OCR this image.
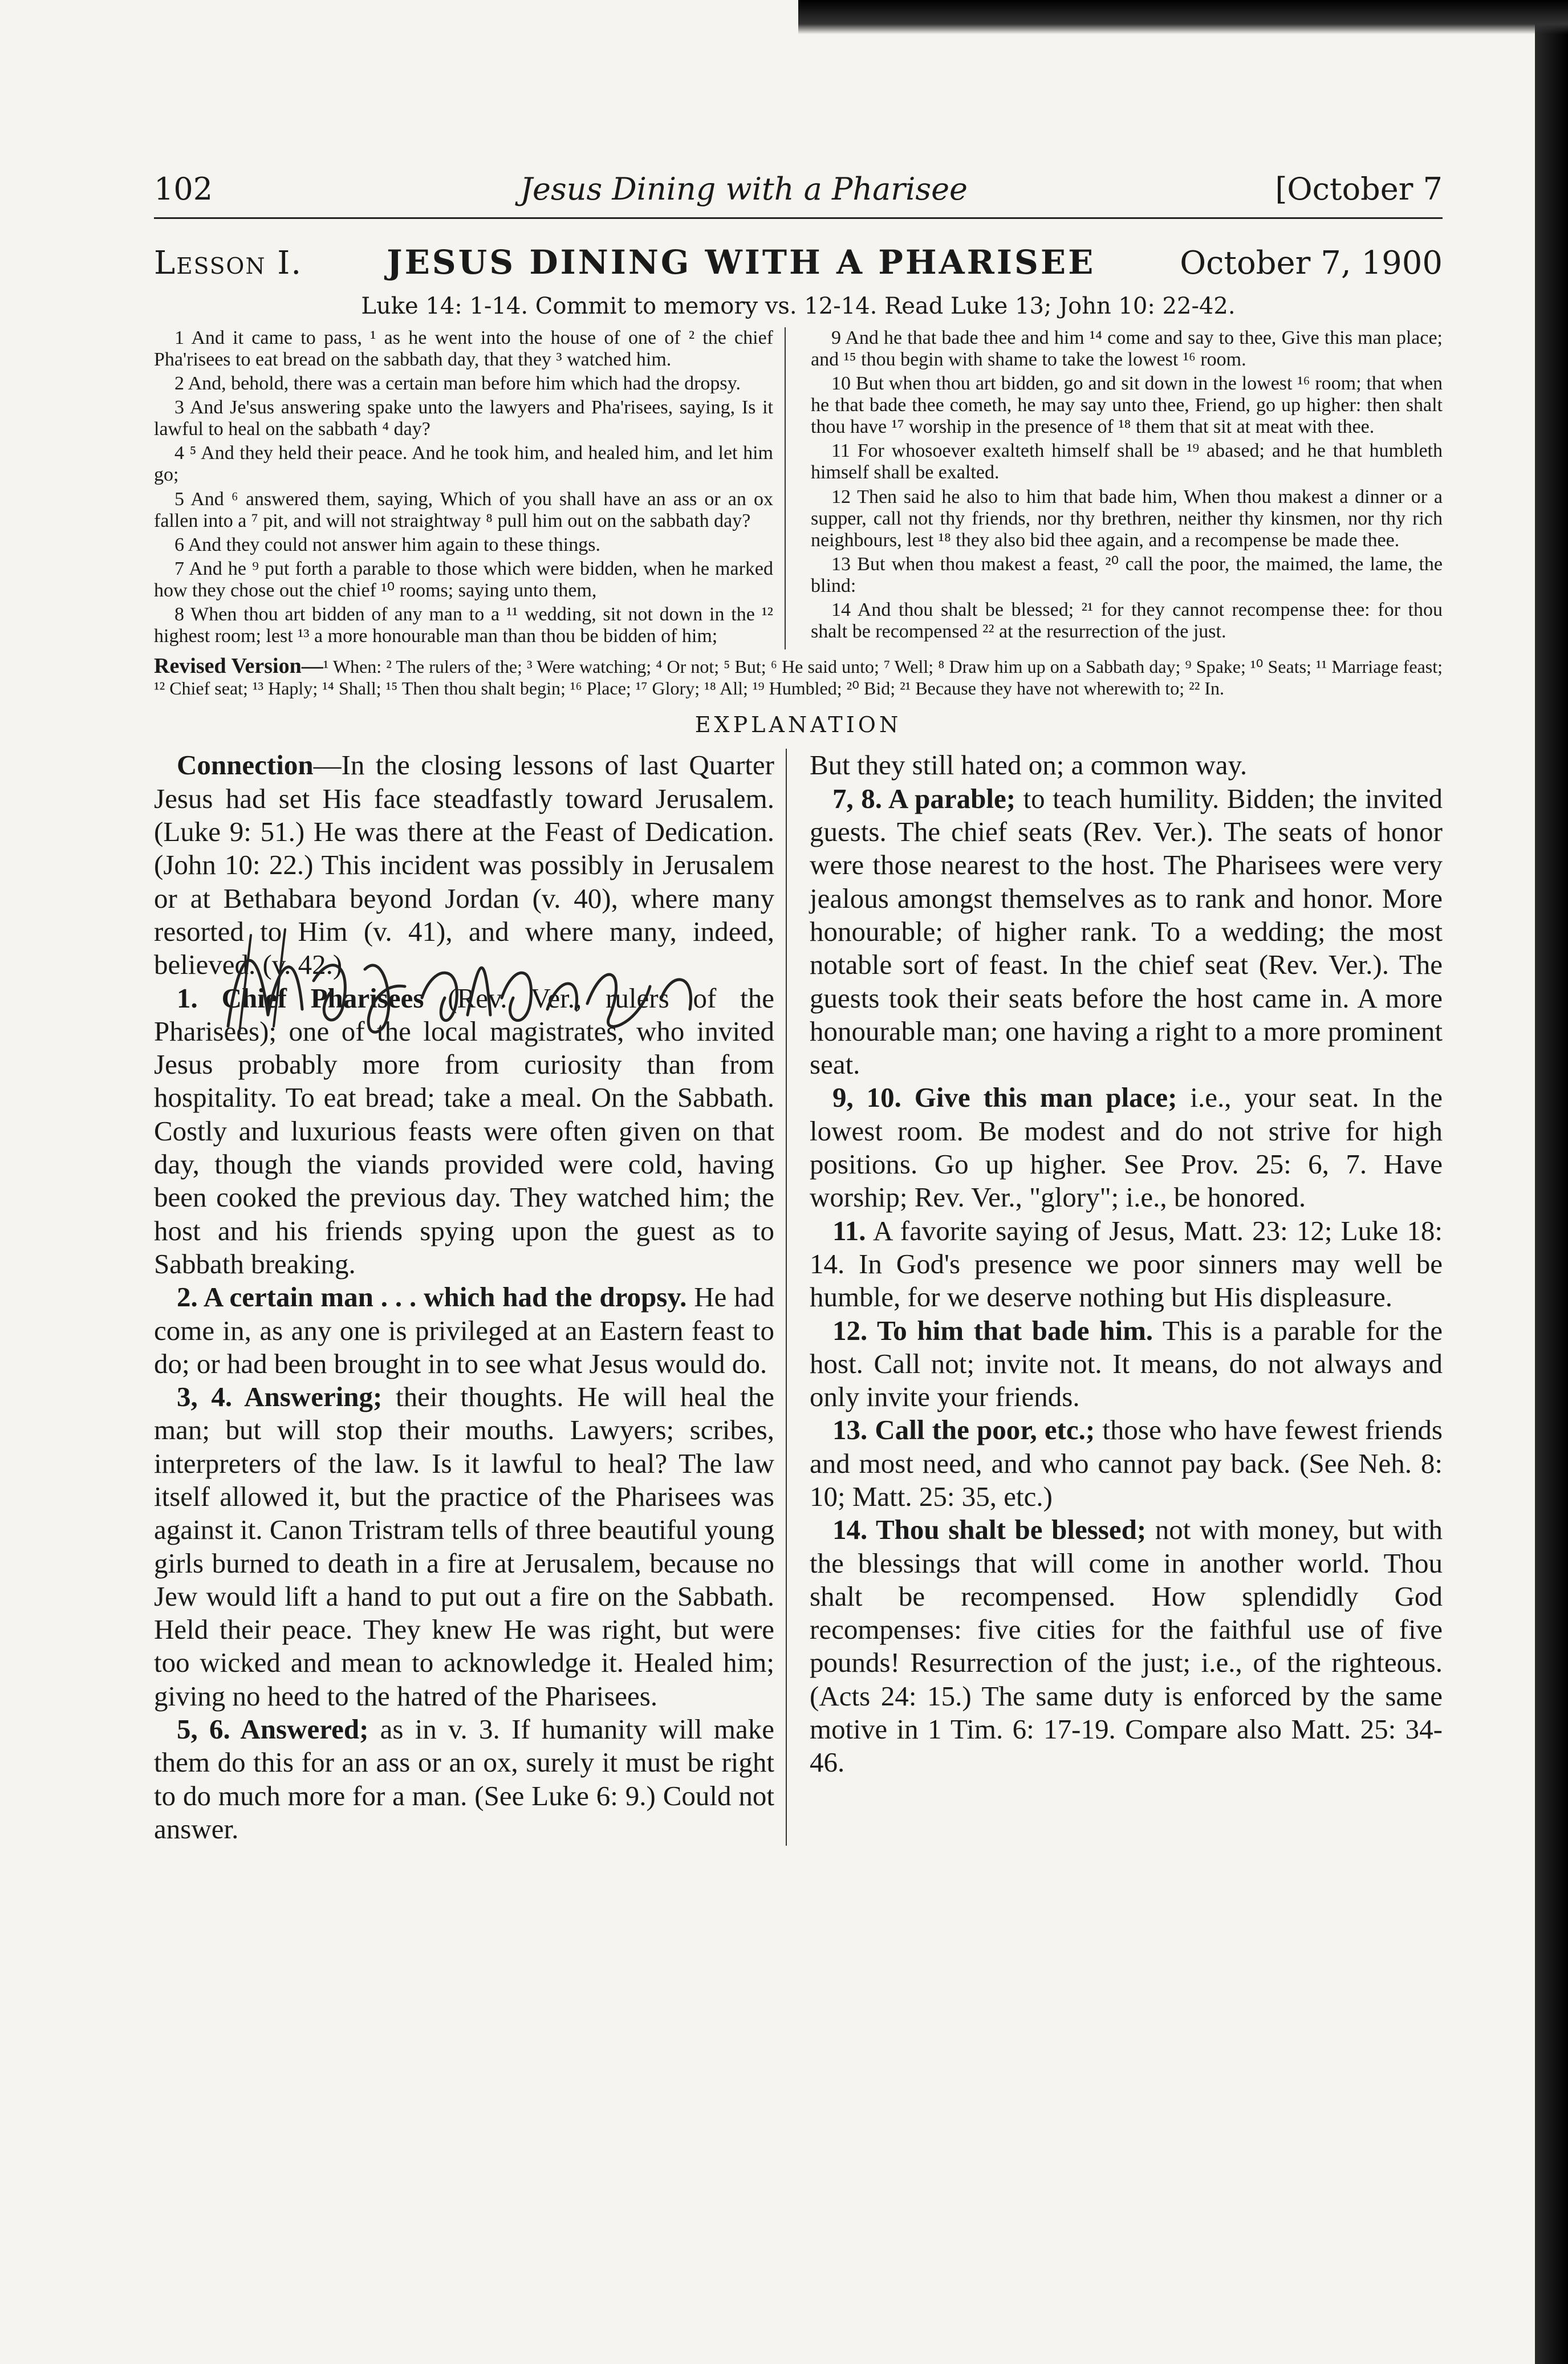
102	Jesus Dining with a Pharisee	[October 7
Lesson I.	JESUS DINING WITH A PHARISEE	October 7, 1900
Luke 14: 1-14. Commit to memory vs. 12-14. Read Luke 13; John 10: 22-42.

1 And it came to pass, ¹ as he went into the house of one of ² the chief Pha'risees to eat bread on the sabbath day, that they ³ watched him.

2 And, behold, there was a certain man before him which had the dropsy.

3 And Je'sus answering spake unto the lawyers and Pha'risees, saying, Is it lawful to heal on the sabbath ⁴ day?

4 ⁵ And they held their peace. And he took him, and healed him, and let him go;

5 And ⁶ answered them, saying, Which of you shall have an ass or an ox fallen into a ⁷ pit, and will not straightway ⁸ pull him out on the sabbath day?

6 And they could not answer him again to these things.

7 And he ⁹ put forth a parable to those which were bidden, when he marked how they chose out the chief ¹⁰ rooms; saying unto them,

8 When thou art bidden of any man to a ¹¹ wedding, sit not down in the ¹² highest room; lest ¹³ a more honourable man than thou be bidden of him;

9 And he that bade thee and him ¹⁴ come and say to thee, Give this man place; and ¹⁵ thou begin with shame to take the lowest ¹⁶ room.

10 But when thou art bidden, go and sit down in the lowest ¹⁶ room; that when he that bade thee cometh, he may say unto thee, Friend, go up higher: then shalt thou have ¹⁷ worship in the presence of ¹⁸ them that sit at meat with thee.

11 For whosoever exalteth himself shall be ¹⁹ abased; and he that humbleth himself shall be exalted.

12 Then said he also to him that bade him, When thou makest a dinner or a supper, call not thy friends, nor thy brethren, neither thy kinsmen, nor thy rich neighbours, lest ¹⁸ they also bid thee again, and a recompense be made thee.

13 But when thou makest a feast, ²⁰ call the poor, the maimed, the lame, the blind:

14 And thou shalt be blessed; ²¹ for they cannot recompense thee: for thou shalt be recompensed ²² at the resurrection of the just.

Revised Version—¹ When: ² The rulers of the; ³ Were watching; ⁴ Or not; ⁵ But; ⁶ He said unto; ⁷ Well; ⁸ Draw him up on a Sabbath day; ⁹ Spake; ¹⁰ Seats; ¹¹ Marriage feast; ¹² Chief seat; ¹³ Haply; ¹⁴ Shall; ¹⁵ Then thou shalt begin; ¹⁶ Place; ¹⁷ Glory; ¹⁸ All; ¹⁹ Humbled; ²⁰ Bid; ²¹ Because they have not wherewith to; ²² In.
EXPLANATION

Connection—In the closing lessons of last Quarter Jesus had set His face steadfastly toward Jerusalem. (Luke 9: 51.) He was there at the Feast of Dedication. (John 10: 22.) This incident was possibly in Jerusalem or at Bethabara beyond Jordan (v. 40), where many resorted to Him (v. 41), and where many, indeed, believed. (v. 42.)

1. Chief Pharisees (Rev. Ver., rulers of the Pharisees); one of the local magistrates, who invited Jesus probably more from curiosity than from hospitality. To eat bread; take a meal. On the Sabbath. Costly and luxurious feasts were often given on that day, though the viands provided were cold, having been cooked the previous day. They watched him; the host and his friends spying upon the guest as to Sabbath breaking.

2. A certain man . . . which had the dropsy. He had come in, as any one is privileged at an Eastern feast to do; or had been brought in to see what Jesus would do.

3, 4. Answering; their thoughts. He will heal the man; but will stop their mouths. Lawyers; scribes, interpreters of the law. Is it lawful to heal? The law itself allowed it, but the practice of the Pharisees was against it. Canon Tristram tells of three beautiful young girls burned to death in a fire at Jerusalem, because no Jew would lift a hand to put out a fire on the Sabbath. Held their peace. They knew He was right, but were too wicked and mean to acknowledge it. Healed him; giving no heed to the hatred of the Pharisees.

5, 6. Answered; as in v. 3. If humanity will make them do this for an ass or an ox, surely it must be right to do much more for a man. (See Luke 6: 9.) Could not answer.

But they still hated on; a common way.

7, 8. A parable; to teach humility. Bidden; the invited guests. The chief seats (Rev. Ver.). The seats of honor were those nearest to the host. The Pharisees were very jealous amongst themselves as to rank and honor. More honourable; of higher rank. To a wedding; the most notable sort of feast. In the chief seat (Rev. Ver.). The guests took their seats before the host came in. A more honourable man; one having a right to a more prominent seat.

9, 10. Give this man place; i.e., your seat. In the lowest room. Be modest and do not strive for high positions. Go up higher. See Prov. 25: 6, 7. Have worship; Rev. Ver., "glory"; i.e., be honored.

11. A favorite saying of Jesus, Matt. 23: 12; Luke 18: 14. In God's presence we poor sinners may well be humble, for we deserve nothing but His displeasure.

12. To him that bade him. This is a parable for the host. Call not; invite not. It means, do not always and only invite your friends.

13. Call the poor, etc.; those who have fewest friends and most need, and who cannot pay back. (See Neh. 8: 10; Matt. 25: 35, etc.)

14. Thou shalt be blessed; not with money, but with the blessings that will come in another world. Thou shalt be recompensed. How splendidly God recompenses: five cities for the faithful use of five pounds! Resurrection of the just; i.e., of the righteous. (Acts 24: 15.) The same duty is enforced by the same motive in 1 Tim. 6: 17-19. Compare also Matt. 25: 34-46.
